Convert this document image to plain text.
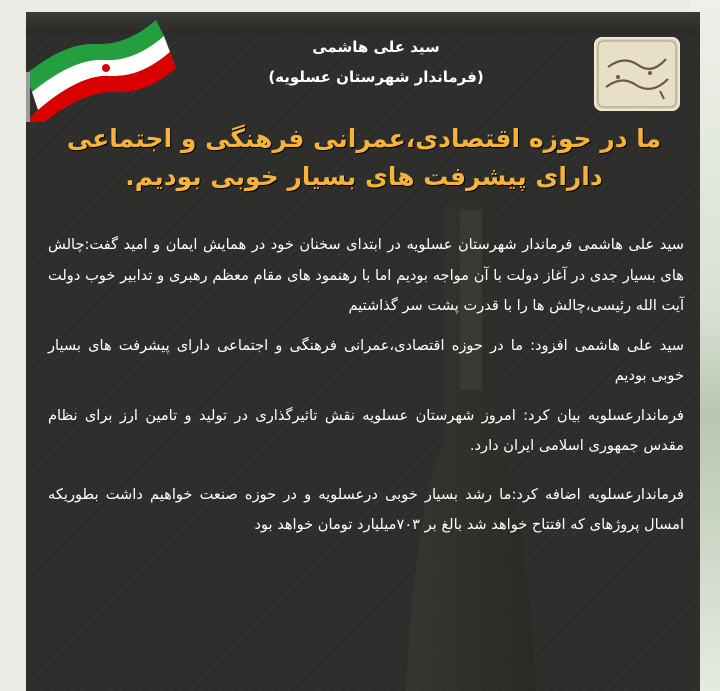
سید علی هاشمی
(فرماندار شهرستان عسلویه)
ما در حوزه اقتصادی،عمرانی فرهنگی و اجتماعی دارای پیشرفت های بسیار خوبی بودیم.

سید علی هاشمی فرماندار شهرستان عسلویه در ابتدای سخنان خود در همایش ایمان و امید گفت:چالش های بسیار جدی در آغاز دولت با آن مواجه بودیم اما با رهنمود های مقام معظم رهبری و تدابیر خوب دولت آیت الله رئیسی،چالش ها را با قدرت پشت سر گذاشتیم

سید علی هاشمی افزود: ما در حوزه اقتصادی،عمرانی فرهنگی و اجتماعی دارای پیشرفت های بسیار خوبی بودیم

فرماندارعسلویه بیان کرد: امروز شهرستان عسلویه نقش تاثیرگذاری در تولید و تامین ارز برای نظام مقدس جمهوری اسلامی ایران دارد.

فرماندارعسلویه اضافه کرد:ما رشد بسیار خوبی درعسلویه و در حوزه صنعت خواهیم داشت بطوریکه امسال پروژهای که افتتاح خواهد شد بالغ بر ۷۰۳میلیارد تومان خواهد بود
